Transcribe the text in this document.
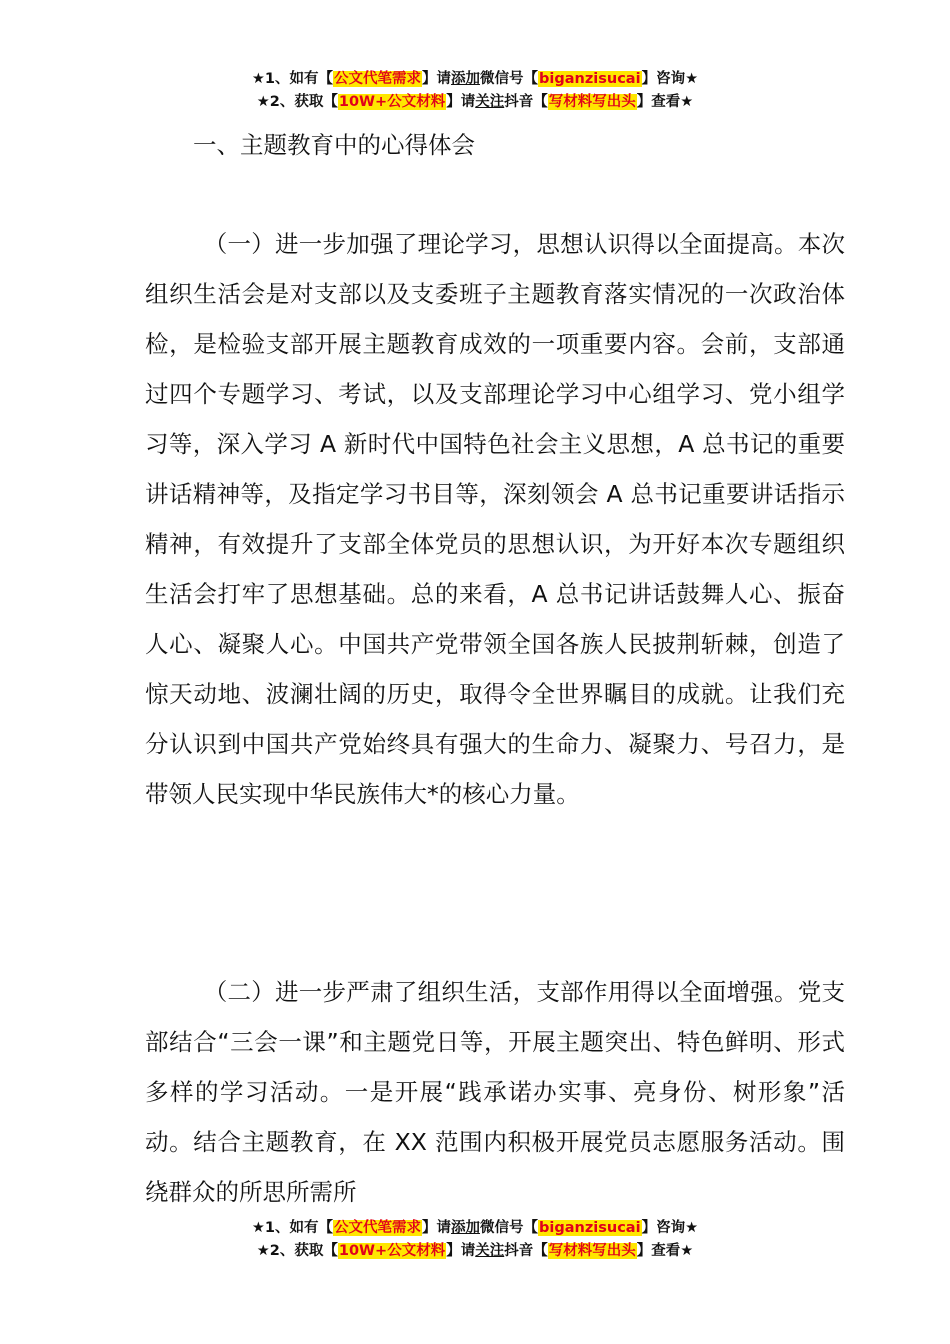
★1、如有【公文代笔需求】请添加微信号【biganzisucai】咨询★
★2、获取【10W+公文材料】请关注抖音【写材料写出头】查看★
一、主题教育中的心得体会
（一）进一步加强了理论学习，思想认识得以全面提高。本次组织生活会是对支部以及支委班子主题教育落实情况的一次政治体检，是检验支部开展主题教育成效的一项重要内容。会前，支部通过四个专题学习、考试，以及支部理论学习中心组学习、党小组学习等，深入学习 A 新时代中国特色社会主义思想，A 总书记的重要讲话精神等，及指定学习书目等，深刻领会 A 总书记重要讲话指示精神，有效提升了支部全体党员的思想认识，为开好本次专题组织生活会打牢了思想基础。总的来看，A 总书记讲话鼓舞人心、振奋人心、凝聚人心。中国共产党带领全国各族人民披荆斩棘，创造了惊天动地、波澜壮阔的历史，取得令全世界瞩目的成就。让我们充分认识到中国共产党始终具有强大的生命力、凝聚力、号召力，是带领人民实现中华民族伟大*的核心力量。
（二）进一步严肃了组织生活，支部作用得以全面增强。党支部结合“三会一课”和主题党日等，开展主题突出、特色鲜明、形式多样的学习活动。一是开展“践承诺办实事、亮身份、树形象”活动。结合主题教育，在 XX 范围内积极开展党员志愿服务活动。围绕群众的所思所需所
★1、如有【公文代笔需求】请添加微信号【biganzisucai】咨询★
★2、获取【10W+公文材料】请关注抖音【写材料写出头】查看★
